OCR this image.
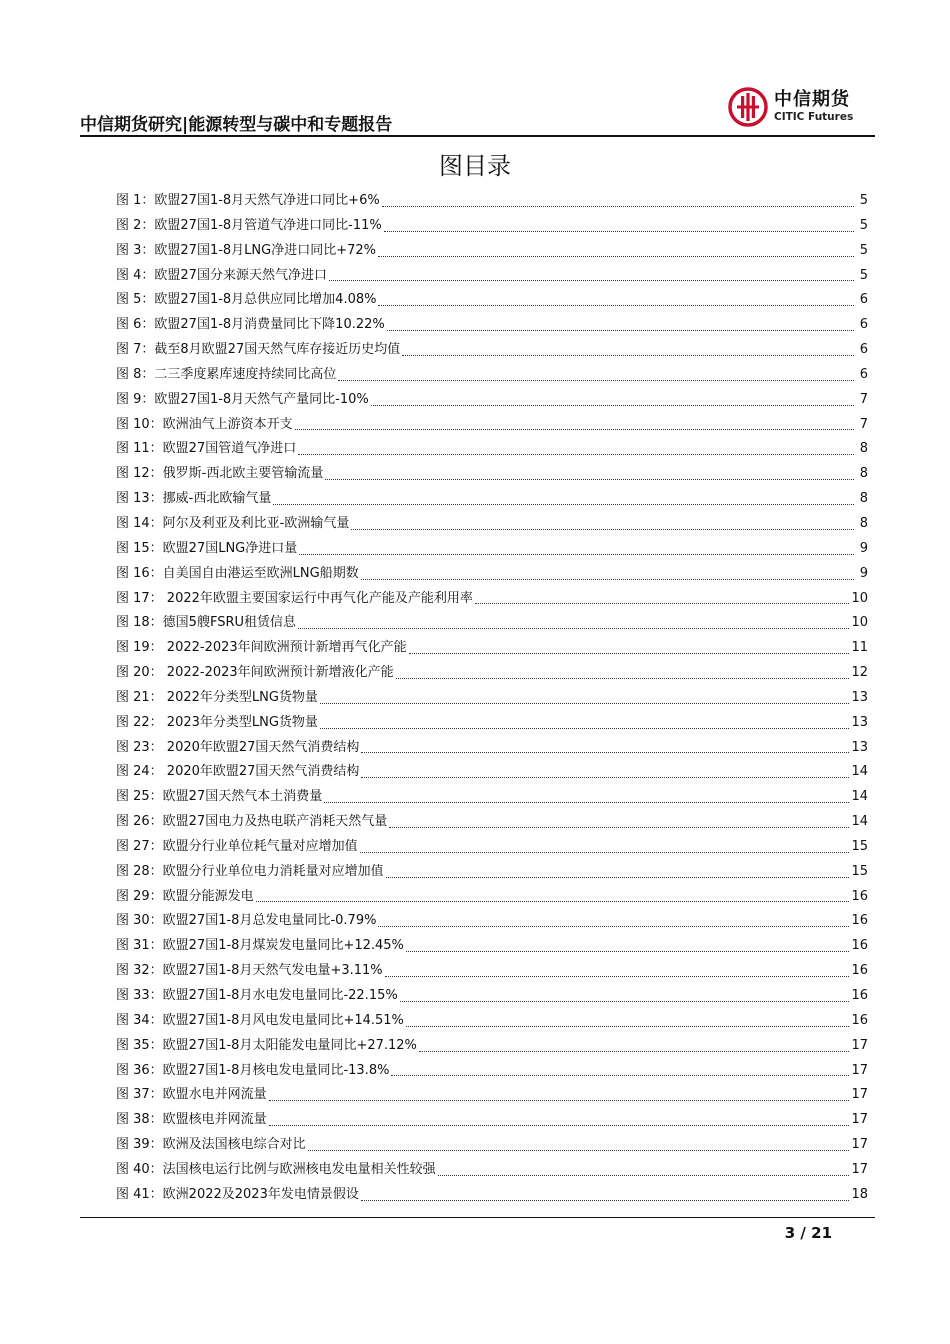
中信期货研究|能源转型与碳中和专题报告
中信期货
CITIC Futures
图目录
图 1：欧盟27国1-8月天然气净进口同比+6%	5
图 2：欧盟27国1-8月管道气净进口同比-11%	5
图 3：欧盟27国1-8月LNG净进口同比+72%	5
图 4：欧盟27国分来源天然气净进口	5
图 5：欧盟27国1-8月总供应同比增加4.08%	6
图 6：欧盟27国1-8月消费量同比下降10.22%	6
图 7：截至8月欧盟27国天然气库存接近历史均值	6
图 8：二三季度累库速度持续同比高位	6
图 9：欧盟27国1-8月天然气产量同比-10%	7
图 10：欧洲油气上游资本开支	7
图 11：欧盟27国管道气净进口	8
图 12：俄罗斯-西北欧主要管输流量	8
图 13：挪威-西北欧输气量	8
图 14：阿尔及利亚及利比亚-欧洲输气量	8
图 15：欧盟27国LNG净进口量	9
图 16：自美国自由港运至欧洲LNG船期数	9
图 17： 2022年欧盟主要国家运行中再气化产能及产能利用率	10
图 18：德国5艘FSRU租赁信息	10
图 19： 2022-2023年间欧洲预计新增再气化产能	11
图 20： 2022-2023年间欧洲预计新增液化产能	12
图 21： 2022年分类型LNG货物量	13
图 22： 2023年分类型LNG货物量	13
图 23： 2020年欧盟27国天然气消费结构	13
图 24： 2020年欧盟27国天然气消费结构	14
图 25：欧盟27国天然气本土消费量	14
图 26：欧盟27国电力及热电联产消耗天然气量	14
图 27：欧盟分行业单位耗气量对应增加值	15
图 28：欧盟分行业单位电力消耗量对应增加值	15
图 29：欧盟分能源发电	16
图 30：欧盟27国1-8月总发电量同比-0.79%	16
图 31：欧盟27国1-8月煤炭发电量同比+12.45%	16
图 32：欧盟27国1-8月天然气发电量+3.11%	16
图 33：欧盟27国1-8月水电发电量同比-22.15%	16
图 34：欧盟27国1-8月风电发电量同比+14.51%	16
图 35：欧盟27国1-8月太阳能发电量同比+27.12%	17
图 36：欧盟27国1-8月核电发电量同比-13.8%	17
图 37：欧盟水电并网流量	17
图 38：欧盟核电并网流量	17
图 39：欧洲及法国核电综合对比	17
图 40：法国核电运行比例与欧洲核电发电量相关性较强	17
图 41：欧洲2022及2023年发电情景假设	18
3 / 21
